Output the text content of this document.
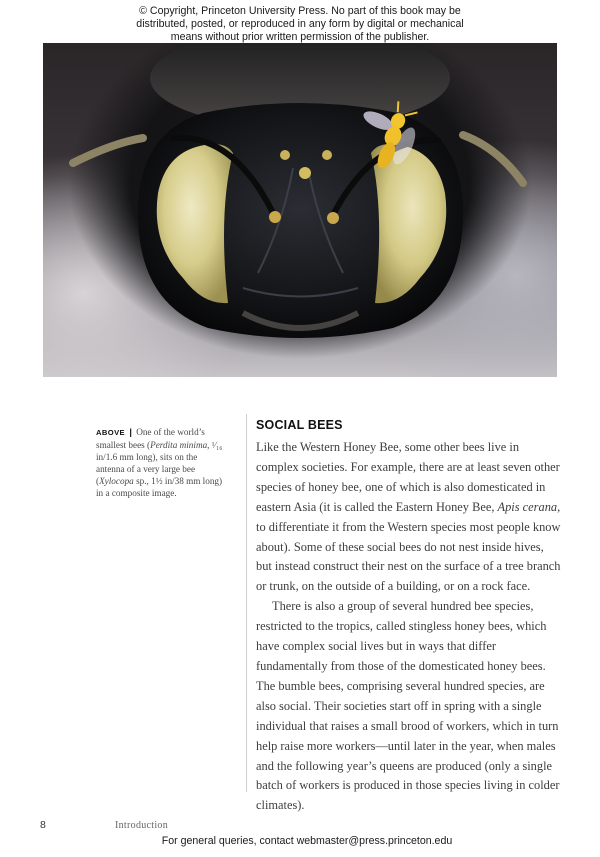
© Copyright, Princeton University Press. No part of this book may be
distributed, posted, or reproduced in any form by digital or mechanical
means without prior written permission of the publisher.
ABOVE | One of the world’s smallest bees (Perdita minima, ¹⁄₁₆ in/1.6 mm long), sits on the antenna of a very large bee (Xylocopa sp., 1½ in/38 mm long) in a composite image.
SOCIAL BEES

Like the Western Honey Bee, some other bees live in complex societies. For example, there are at least seven other species of honey bee, one of which is also domesticated in eastern Asia (it is called the Eastern Honey Bee, Apis cerana, to differentiate it from the Western species most people know about). Some of these social bees do not nest inside hives, but instead construct their nest on the surface of a tree branch or trunk, on the outside of a building, or on a rock face.

There is also a group of several hundred bee species, restricted to the tropics, called stingless honey bees, which have complex social lives but in ways that differ fundamentally from those of the domesticated honey bees. The bumble bees, comprising several hundred species, are also social. Their societies start off in spring with a single individual that raises a small brood of workers, which in turn help raise more workers—until later in the year, when males and the following year’s queens are produced (only a single batch of workers is produced in those species living in colder climates).

8	Introduction
For general queries, contact webmaster@press.princeton.edu
